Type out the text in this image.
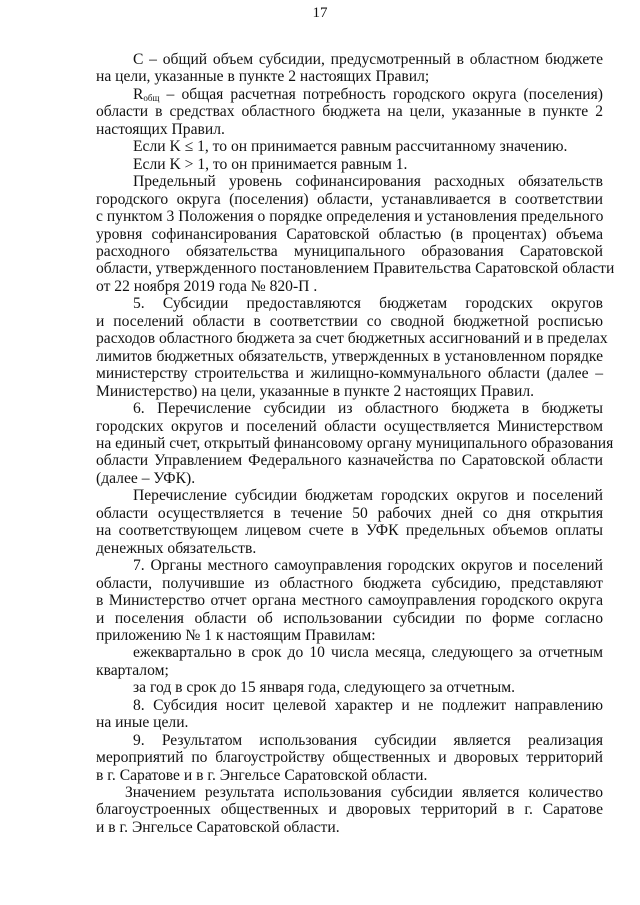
17
С – общий объем субсидии, предусмотренный в областном бюджете
на цели, указанные в пункте 2 настоящих Правил;
$R_{общ}$ – общая расчетная потребность городского округа (поселения)
области в средствах областного бюджета на цели, указанные в пункте 2
настоящих Правил.
Если K ≤ 1, то он принимается равным рассчитанному значению.
Если K > 1, то он принимается равным 1.
Предельный уровень софинансирования расходных обязательств
городского округа (поселения) области, устанавливается в соответствии
с пунктом 3 Положения о порядке определения и установления предельного
уровня софинансирования Саратовской областью (в процентах) объема
расходного обязательства муниципального образования Саратовской
области, утвержденного постановлением Правительства Саратовской области
от 22 ноября 2019 года № 820-П .
5. Субсидии предоставляются бюджетам городских округов
и поселений области в соответствии со сводной бюджетной росписью
расходов областного бюджета за счет бюджетных ассигнований и в пределах
лимитов бюджетных обязательств, утвержденных в установленном порядке
министерству строительства и жилищно-коммунального области (далее –
Министерство) на цели, указанные в пункте 2 настоящих Правил.
6. Перечисление субсидии из областного бюджета в бюджеты
городских округов и поселений области осуществляется Министерством
на единый счет, открытый финансовому органу муниципального образования
области Управлением Федерального казначейства по Саратовской области
(далее – УФК).
Перечисление субсидии бюджетам городских округов и поселений
области осуществляется в течение 50 рабочих дней со дня открытия
на соответствующем лицевом счете в УФК предельных объемов оплаты
денежных обязательств.
7. Органы местного самоуправления городских округов и поселений
области, получившие из областного бюджета субсидию, представляют
в Министерство отчет органа местного самоуправления городского округа
и поселения области об использовании субсидии по форме согласно
приложению № 1 к настоящим Правилам:
ежеквартально в срок до 10 числа месяца, следующего за отчетным
кварталом;
за год в срок до 15 января года, следующего за отчетным.
8. Субсидия носит целевой характер и не подлежит направлению
на иные цели.
9. Результатом использования субсидии является реализация
мероприятий по благоустройству общественных и дворовых территорий
в г. Саратове и в г. Энгельсе Саратовской области.
Значением результата использования субсидии является количество
благоустроенных общественных и дворовых территорий в г. Саратове
и в г. Энгельсе Саратовской области.
